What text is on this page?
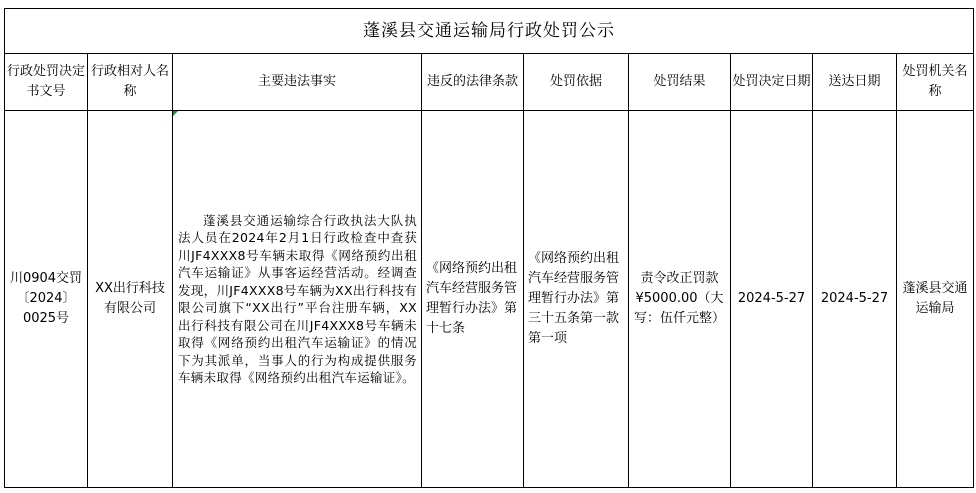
蓬溪县交通运输局行政处罚公示								
行政处罚决定书文号	行政相对人名称	主要违法事实	违反的法律条款	处罚依据	处罚结果	处罚决定日期	送达日期	处罚机关名称
川0904交罚〔2024〕0025号	XX出行科技有限公司	蓬溪县交通运输综合行政执法大队执法人员在2024年2月1日行政检查中查获川JF4XXX8号车辆未取得《网络预约出租汽车运输证》从事客运经营活动。经调查发现，川JF4XXX8号车辆为XX出行科技有限公司旗下“XX出行”平台注册车辆，XX出行科技有限公司在川JF4XXX8号车辆未取得《网络预约出租汽车运输证》的情况下为其派单，当事人的行为构成提供服务车辆未取得《网络预约出租汽车运输证》。	《网络预约出租汽车经营服务管理暂行办法》第十七条	《网络预约出租汽车经营服务管理暂行办法》第三十五条第一款第一项	责令改正罚款¥5000.00（大写：伍仟元整）	2024-5-27	2024-5-27	蓬溪县交通运输局
